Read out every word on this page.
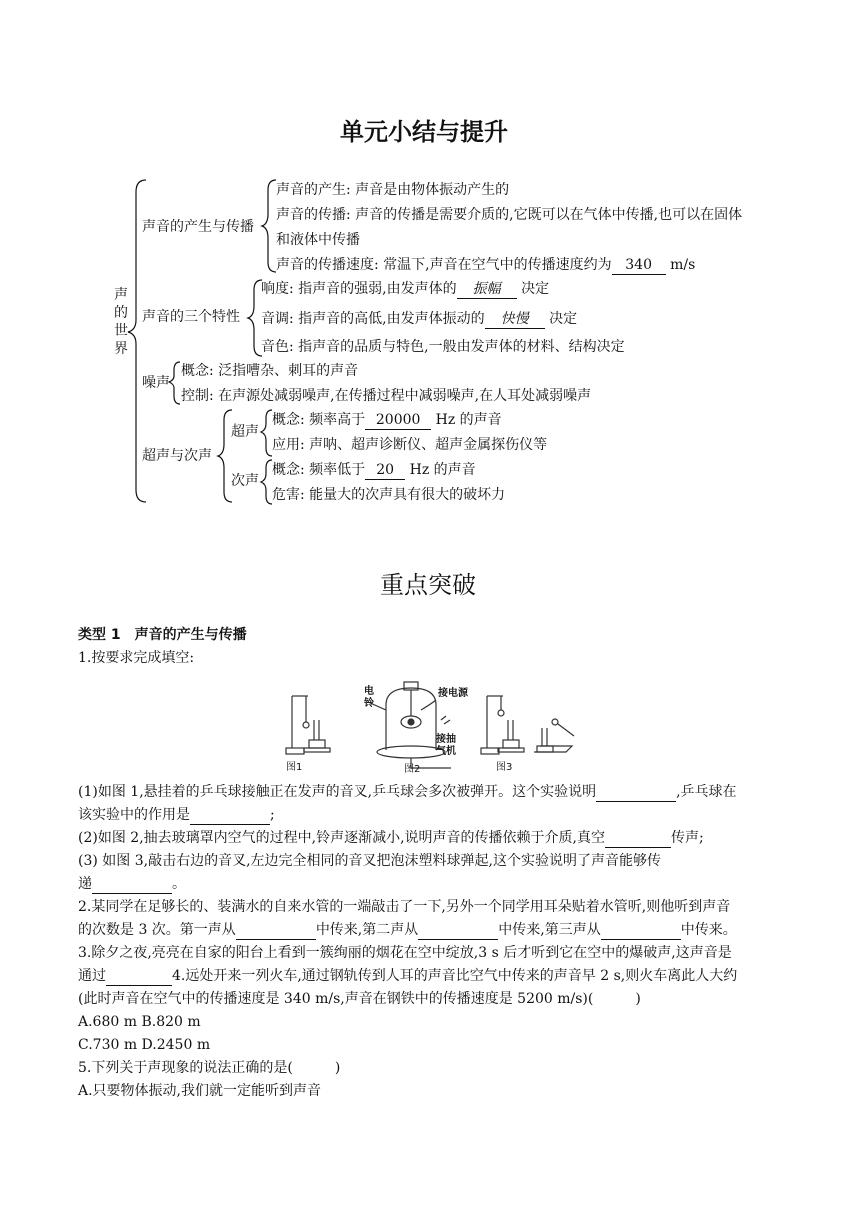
单元小结与提升
声的世界
声音的产生与传播
声音的产生: 声音是由物体振动产生的
声音的传播: 声音的传播是需要介质的,它既可以在气体中传播,也可以在固体
和液体中传播
声音的传播速度: 常温下,声音在空气中的传播速度约为 340 m/s
声音的三个特性
响度: 指声音的强弱,由发声体的 振幅 决定
音调: 指声音的高低,由发声体振动的 快慢 决定
音色: 指声音的品质与特色,一般由发声体的材料、结构决定
噪声
概念: 泛指嘈杂、刺耳的声音
控制: 在声源处减弱噪声,在传播过程中减弱噪声,在人耳处减弱噪声
超声与次声
超声
概念: 频率高于 20000 Hz 的声音
应用: 声呐、超声诊断仪、超声金属探伤仪等
次声
概念: 频率低于 20 Hz 的声音
危害: 能量大的次声具有很大的破坏力
重点突破
类型 1　声音的产生与传播
1.按要求完成填空:
图1	图2	图3
电
铃
接电源
接抽
气机
(1)如图 1,悬挂着的乒乓球接触正在发声的音叉,乒乓球会多次被弹开。这个实验说明	,乒乓球在
该实验中的作用是	;
(2)如图 2,抽去玻璃罩内空气的过程中,铃声逐渐减小,说明声音的传播依赖于介质,真空	传声;
(3) 如图 3,敲击右边的音叉,左边完全相同的音叉把泡沫塑料球弹起,这个实验说明了声音能够传
递	。
2.某同学在足够长的、装满水的自来水管的一端敲击了一下,另外一个同学用耳朵贴着水管听,则他听到声音
的次数是 3 次。第一声从	中传来,第二声从	中传来,第三声从	中传来。
3.除夕之夜,亮亮在自家的阳台上看到一簇绚丽的烟花在空中绽放,3 s 后才听到它在空中的爆破声,这声音是
通过	4.远处开来一列火车,通过钢轨传到人耳的声音比空气中传来的声音早 2 s,则火车离此人大约
(此时声音在空气中的传播速度是 340 m/s,声音在钢铁中的传播速度是 5200 m/s)(　　　)
A.680 m B.820 m
C.730 m D.2450 m
5.下列关于声现象的说法正确的是(　　　)
A.只要物体振动,我们就一定能听到声音
